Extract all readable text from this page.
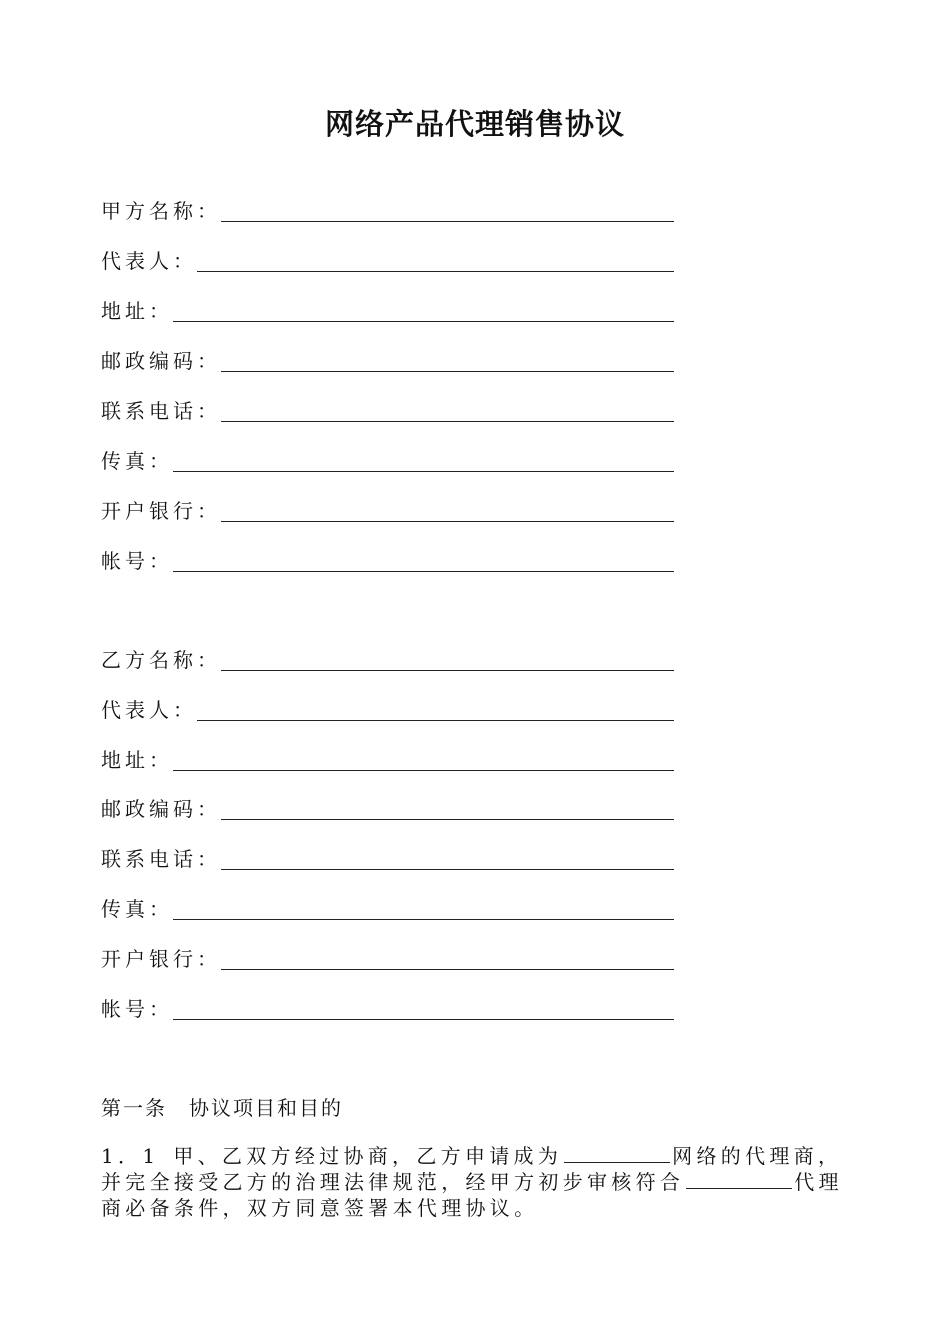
网络产品代理销售协议
甲方名称：
代表人：
地址：
邮政编码：
联系电话：
传真：
开户银行：
帐号：
乙方名称：
代表人：
地址：
邮政编码：
联系电话：
传真：
开户银行：
帐号：
第一条 协议项目和目的
1．1 甲、乙双方经过协商，乙方申请成为	网络的代理商，
并完全接受乙方的治理法律规范，经甲方初步审核符合	代理
商必备条件，双方同意签署本代理协议。
